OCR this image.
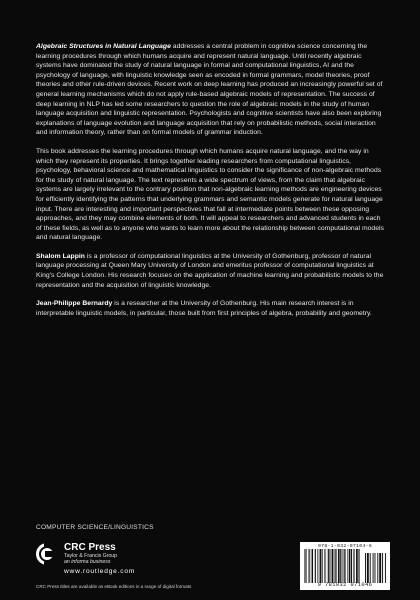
Algebraic Structures in Natural Language addresses a central problem in cognitive science concerning the learning procedures through which humans acquire and represent natural language. Until recently algebraic systems have dominated the study of natural language in formal and computational linguistics, AI and the psychology of language, with linguistic knowledge seen as encoded in formal grammars, model theories, proof theories and other rule-driven devices. Recent work on deep learning has produced an increasingly powerful set of general learning mechanisms which do not apply rule-based algebraic models of representation. The success of deep learning in NLP has led some researchers to question the role of algebraic models in the study of human language acquisition and linguistic representation. Psychologists and cognitive scientists have also been exploring explanations of language evolution and language acquisition that rely on probabilistic methods, social interaction and information theory, rather than on formal models of grammar induction.

This book addresses the learning procedures through which humans acquire natural language, and the way in which they represent its properties. It brings together leading researchers from computational linguistics, psychology, behavioral science and mathematical linguistics to consider the significance of non-algebraic methods for the study of natural language. The text represents a wide spectrum of views, from the claim that algebraic systems are largely irrelevant to the contrary position that non-algebraic learning methods are engineering devices for efficiently identifying the patterns that underlying grammars and semantic models generate for natural language input. There are interesting and important perspectives that fall at intermediate points between these opposing approaches, and they may combine elements of both. It will appeal to researchers and advanced students in each of these fields, as well as to anyone who wants to learn more about the relationship between computational models and natural language.

Shalom Lappin is a professor of computational linguistics at the University of Gothenburg, professor of natural language processing at Queen Mary University of London and emeritus professor of computational linguistics at King's College London. His research focuses on the application of machine learning and probabilistic models to the representation and the acquisition of linguistic knowledge.

Jean-Philippe Bernardy is a researcher at the University of Gothenburg. His main research interest is in interpretable linguistic models, in particular, those built from first principles of algebra, probability and geometry.

COMPUTER SCIENCE/LINGUISTICS
CRC Press
Taylor & Francis Group
an informa business
www.routledge.com
CRC Press titles are available as eBook editions in a range of digital formats
978-1-032-07104-6
9 781032 071046
